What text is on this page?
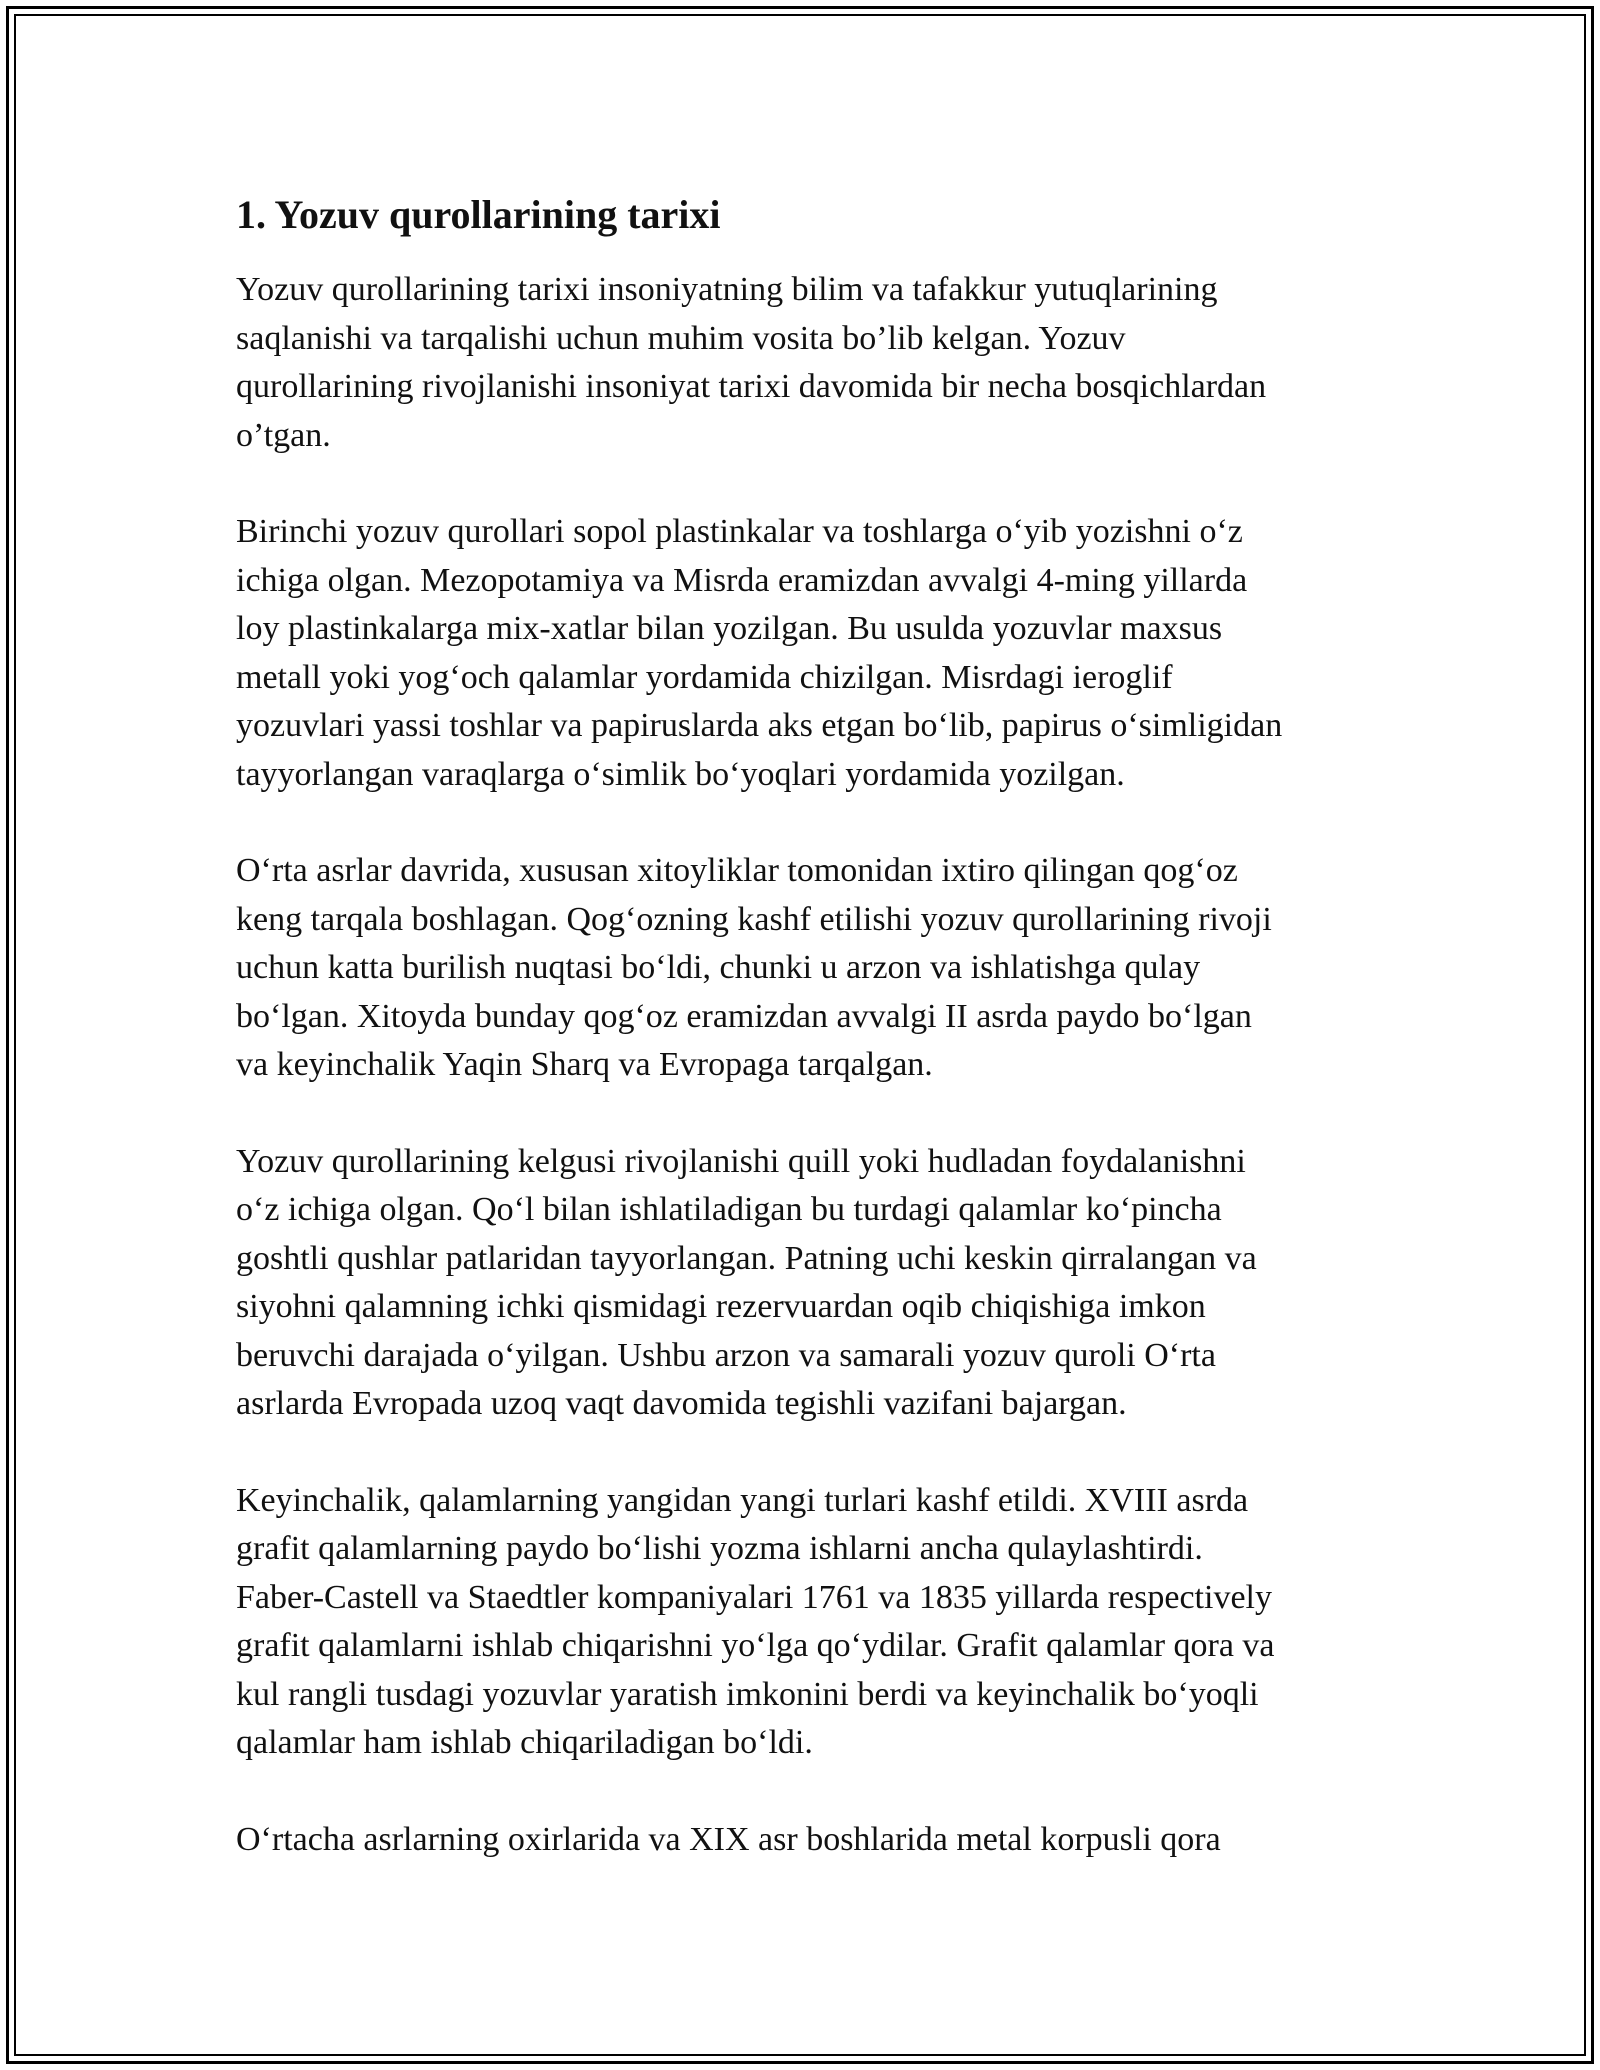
1. Yozuv qurollarining tarixi

Yozuv qurollarining tarixi insoniyatning bilim va tafakkur yutuqlarining
saqlanishi va tarqalishi uchun muhim vosita bo’lib kelgan. Yozuv
qurollarining rivojlanishi insoniyat tarixi davomida bir necha bosqichlardan
o’tgan.

Birinchi yozuv qurollari sopol plastinkalar va toshlarga oʻyib yozishni oʻz
ichiga olgan. Mezopotamiya va Misrda eramizdan avvalgi 4-ming yillarda
loy plastinkalarga mix-xatlar bilan yozilgan. Bu usulda yozuvlar maxsus
metall yoki yogʻoch qalamlar yordamida chizilgan. Misrdagi ieroglif
yozuvlari yassi toshlar va papiruslarda aks etgan boʻlib, papirus oʻsimligidan
tayyorlangan varaqlarga oʻsimlik boʻyoqlari yordamida yozilgan.

Oʻrta asrlar davrida, xususan xitoyliklar tomonidan ixtiro qilingan qogʻoz
keng tarqala boshlagan. Qogʻozning kashf etilishi yozuv qurollarining rivoji
uchun katta burilish nuqtasi boʻldi, chunki u arzon va ishlatishga qulay
boʻlgan. Xitoyda bunday qogʻoz eramizdan avvalgi II asrda paydo boʻlgan
va keyinchalik Yaqin Sharq va Evropaga tarqalgan.

Yozuv qurollarining kelgusi rivojlanishi quill yoki hudladan foydalanishni
oʻz ichiga olgan. Qoʻl bilan ishlatiladigan bu turdagi qalamlar koʻpincha
goshtli qushlar patlaridan tayyorlangan. Patning uchi keskin qirralangan va
siyohni qalamning ichki qismidagi rezervuardan oqib chiqishiga imkon
beruvchi darajada oʻyilgan. Ushbu arzon va samarali yozuv quroli Oʻrta
asrlarda Evropada uzoq vaqt davomida tegishli vazifani bajargan.

Keyinchalik, qalamlarning yangidan yangi turlari kashf etildi. XVIII asrda
grafit qalamlarning paydo boʻlishi yozma ishlarni ancha qulaylashtirdi.
Faber-Castell va Staedtler kompaniyalari 1761 va 1835 yillarda respectively
grafit qalamlarni ishlab chiqarishni yoʻlga qoʻydilar. Grafit qalamlar qora va
kul rangli tusdagi yozuvlar yaratish imkonini berdi va keyinchalik boʻyoqli
qalamlar ham ishlab chiqariladigan boʻldi.

Oʻrtacha asrlarning oxirlarida va XIX asr boshlarida metal korpusli qora
